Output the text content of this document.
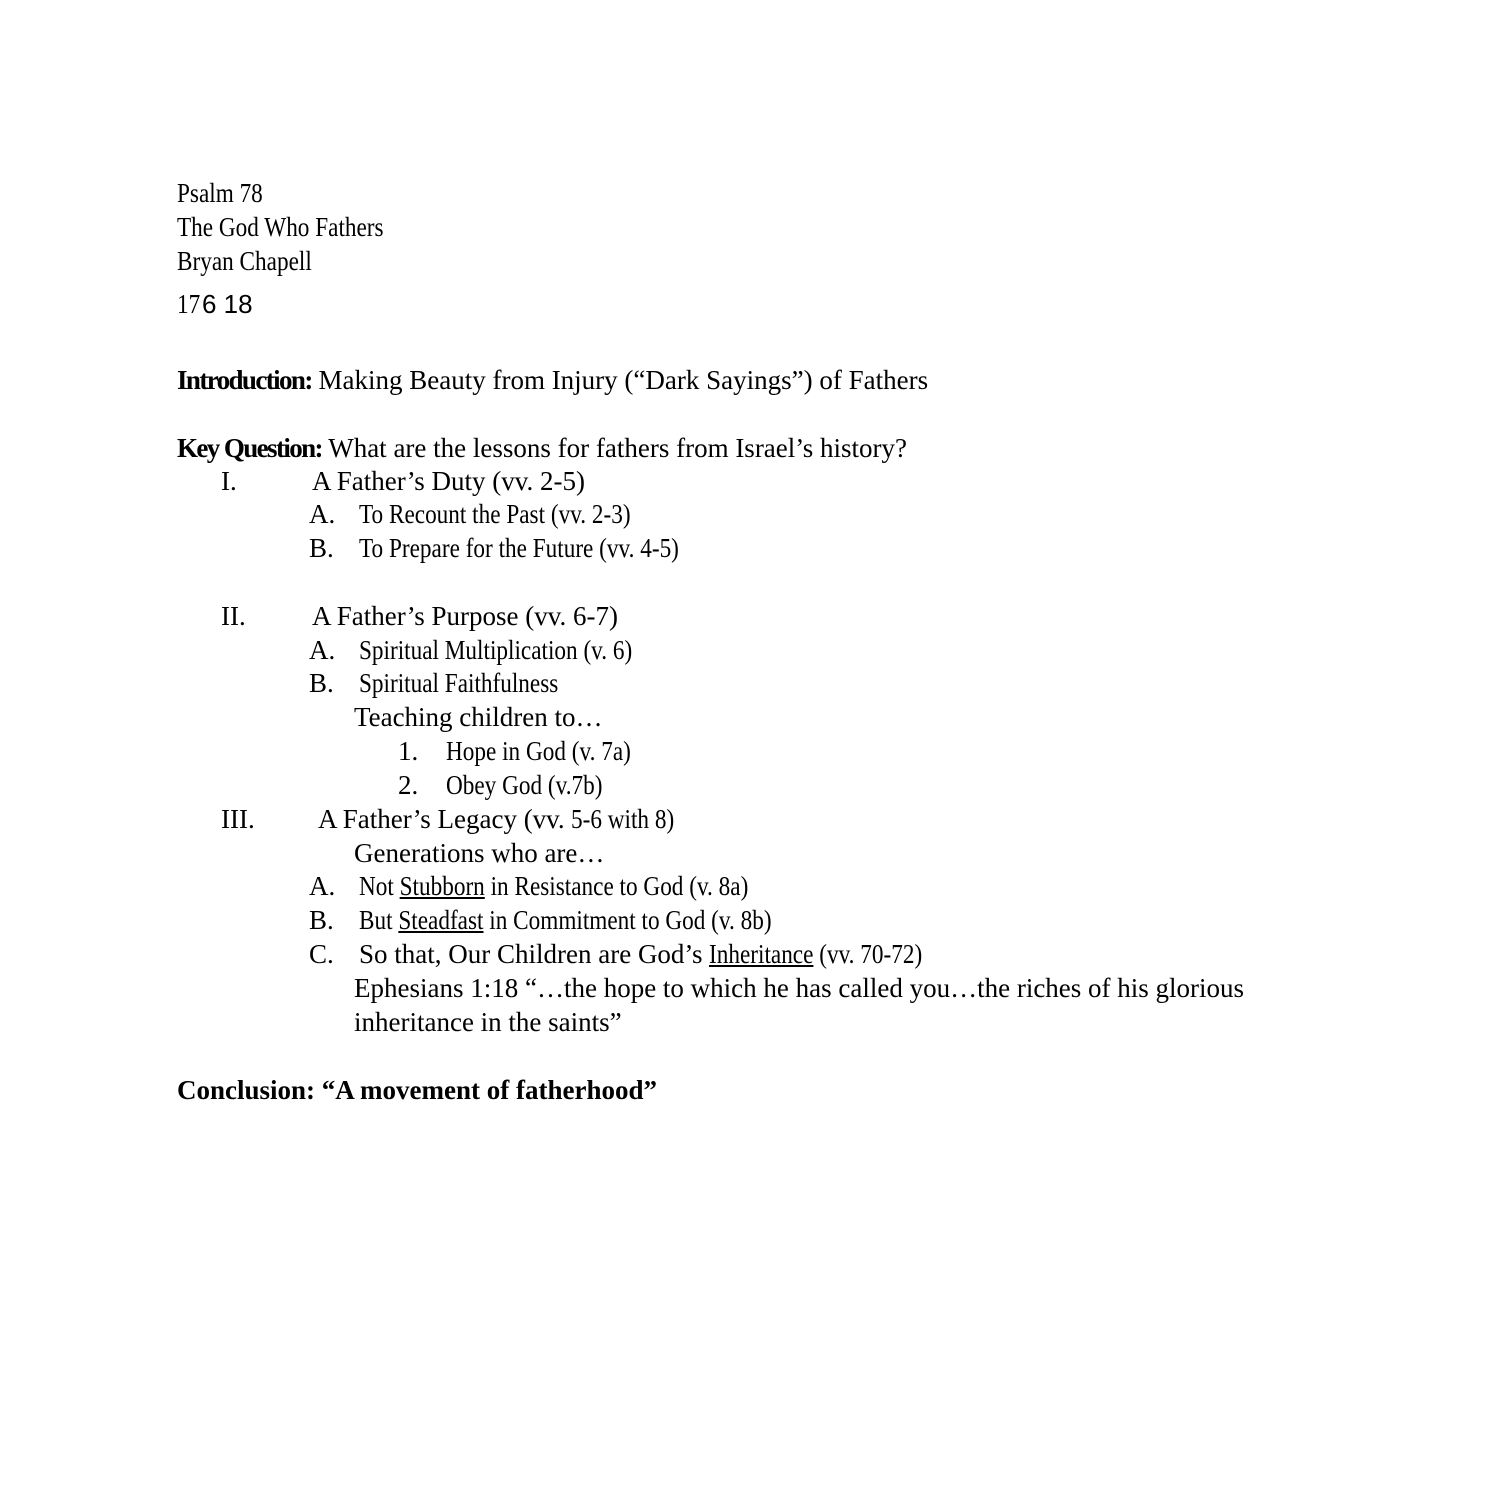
Psalm 78
The God Who Fathers
Bryan Chapell
176 18
Introduction: Making Beauty from Injury (“Dark Sayings”) of Fathers
Key Question: What are the lessons for fathers from Israel’s history?
I.	A Father’s Duty (vv. 2-5)
A. To Recount the Past (vv. 2-3)
B. To Prepare for the Future (vv. 4-5)
II. A Father’s Purpose (vv. 6-7)
A. Spiritual Multiplication (v. 6)
B. Spiritual Faithfulness
Teaching children to…
1. Hope in God (v. 7a)
2. Obey God (v.7b)
III. A Father’s Legacy (vv. 5-6 with 8)
Generations who are…
A. Not Stubborn in Resistance to God (v. 8a)
B. But Steadfast in Commitment to God (v. 8b)
C. So that, Our Children are God’s Inheritance (vv. 70-72)
Ephesians 1:18 “…the hope to which he has called you…the riches of his glorious
inheritance in the saints”
Conclusion: “A movement of fatherhood”
